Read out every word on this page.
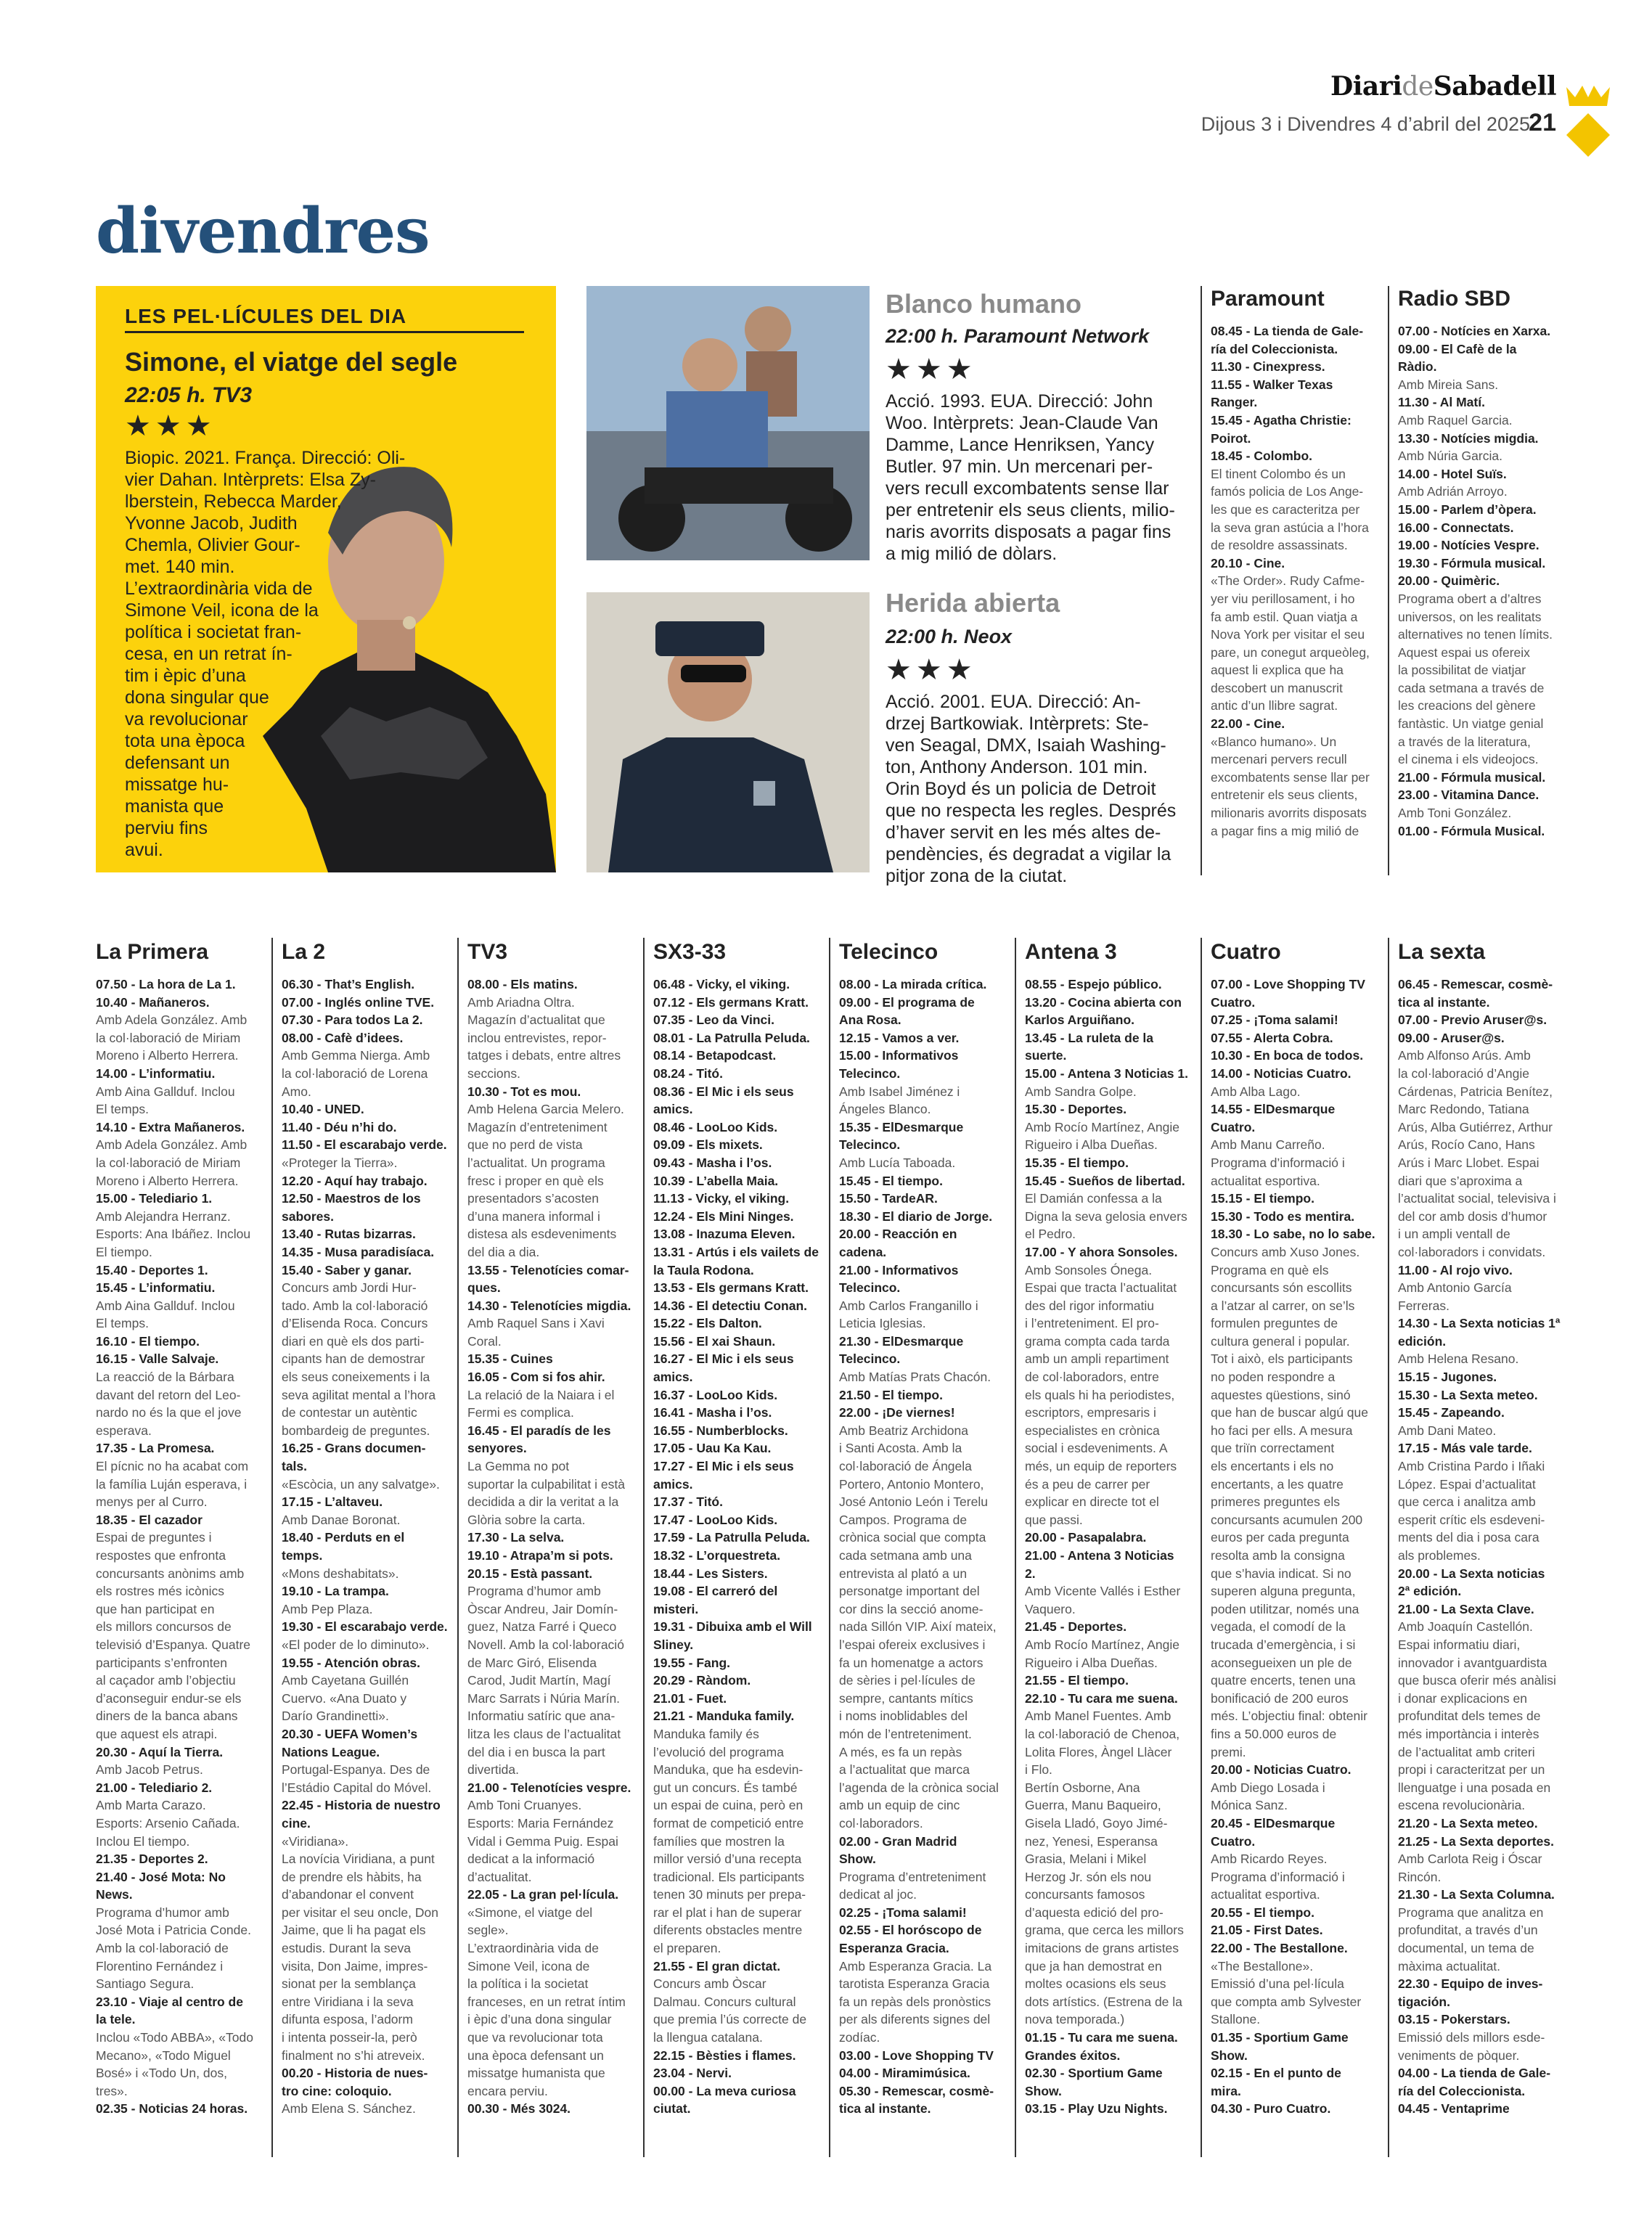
DiarideSabadell
Dijous 3 i Divendres 4 d’abril del 2025
21
divendres
LES PEL·LÍCULES DEL DIA
Simone, el viatge del segle
22:05 h. TV3
★★★
Biopic. 2021. França. Direcció: Oli-
vier Dahan. Intèrprets: Elsa Zy-
lberstein, Rebecca Marder,
Yvonne Jacob, Judith
Chemla, Olivier Gour-
met. 140 min.
L’extraordinària vida de
Simone Veil, icona de la
política i societat fran-
cesa, en un retrat ín-
tim i èpic d’una
dona singular que
va revolucionar
tota una època
defensant un
missatge hu-
manista que
perviu fins
avui.
Blanco humano
22:00 h. Paramount Network
★★★
Acció. 1993. EUA. Direcció: John
Woo. Intèrprets: Jean-Claude Van
Damme, Lance Henriksen, Yancy
Butler. 97 min. Un mercenari per-
vers recull excombatents sense llar
per entretenir els seus clients, milio-
naris avorrits disposats a pagar fins
a mig milió de dòlars.
Herida abierta
22:00 h. Neox
★★★
Acció. 2001. EUA. Direcció: An-
drzej Bartkowiak. Intèrprets: Ste-
ven Seagal, DMX, Isaiah Washing-
ton, Anthony Anderson. 101 min.
Orin Boyd és un policia de Detroit
que no respecta les regles. Després
d’haver servit en les més altes de-
pendències, és degradat a vigilar la
pitjor zona de la ciutat.
Paramount
08.45 - La tienda de Gale-
ría del Coleccionista.
11.30 - Cinexpress.
11.55 - Walker Texas
Ranger.
15.45 - Agatha Christie:
Poirot.
18.45 - Colombo.
El tinent Colombo és un
famós policia de Los Ange-
les que es caracteritza per
la seva gran astúcia a l’hora
de resoldre assassinats.
20.10 - Cine.
«The Order». Rudy Cafme-
yer viu perillosament, i ho
fa amb estil. Quan viatja a
Nova York per visitar el seu
pare, un conegut arqueòleg,
aquest li explica que ha
descobert un manuscrit
antic d’un llibre sagrat.
22.00 - Cine.
«Blanco humano». Un
mercenari pervers recull
excombatents sense llar per
entretenir els seus clients,
milionaris avorrits disposats
a pagar fins a mig milió de
Radio SBD
07.00 - Notícies en Xarxa.
09.00 - El Cafè de la
Ràdio.
Amb Mireia Sans.
11.30 - Al Matí.
Amb Raquel Garcia.
13.30 - Notícies migdia.
Amb Núria Garcia.
14.00 - Hotel Suïs.
Amb Adrián Arroyo.
15.00 - Parlem d’òpera.
16.00 - Connectats.
19.00 - Notícies Vespre.
19.30 - Fórmula musical.
20.00 - Quimèric.
Programa obert a d’altres
universos, on les realitats
alternatives no tenen límits.
Aquest espai us ofereix
la possibilitat de viatjar
cada setmana a través de
les creacions del gènere
fantàstic. Un viatge genial
a través de la literatura,
el cinema i els videojocs.
21.00 - Fórmula musical.
23.00 - Vitamina Dance.
Amb Toni González.
01.00 - Fórmula Musical.
La Primera
07.50 - La hora de La 1.
10.40 - Mañaneros.
Amb Adela González. Amb
la col·laboració de Miriam
Moreno i Alberto Herrera.
14.00 - L’informatiu.
Amb Aina Gallduf. Inclou
El temps.
14.10 - Extra Mañaneros.
Amb Adela González. Amb
la col·laboració de Miriam
Moreno i Alberto Herrera.
15.00 - Telediario 1.
Amb Alejandra Herranz.
Esports: Ana Ibáñez. Inclou
El tiempo.
15.40 - Deportes 1.
15.45 - L’informatiu.
Amb Aina Gallduf. Inclou
El temps.
16.10 - El tiempo.
16.15 - Valle Salvaje.
La reacció de la Bárbara
davant del retorn del Leo-
nardo no és la que el jove
esperava.
17.35 - La Promesa.
El pícnic no ha acabat com
la família Luján esperava, i
menys per al Curro.
18.35 - El cazador
Espai de preguntes i
respostes que enfronta
concursants anònims amb
els rostres més icònics
que han participat en
els millors concursos de
televisió d’Espanya. Quatre
participants s’enfronten
al caçador amb l’objectiu
d’aconseguir endur-se els
diners de la banca abans
que aquest els atrapi.
20.30 - Aquí la Tierra.
Amb Jacob Petrus.
21.00 - Telediario 2.
Amb Marta Carazo.
Esports: Arsenio Cañada.
Inclou El tiempo.
21.35 - Deportes 2.
21.40 - José Mota: No
News.
Programa d’humor amb
José Mota i Patricia Conde.
Amb la col·laboració de
Florentino Fernández i
Santiago Segura.
23.10 - Viaje al centro de
la tele.
Inclou «Todo ABBA», «Todo
Mecano», «Todo Miguel
Bosé» i «Todo Un, dos,
tres».
02.35 - Noticias 24 horas.
La 2
06.30 - That’s English.
07.00 - Inglés online TVE.
07.30 - Para todos La 2.
08.00 - Cafè d’idees.
Amb Gemma Nierga. Amb
la col·laboració de Lorena
Amo.
10.40 - UNED.
11.40 - Déu n’hi do.
11.50 - El escarabajo verde.
«Proteger la Tierra».
12.20 - Aquí hay trabajo.
12.50 - Maestros de los
sabores.
13.40 - Rutas bizarras.
14.35 - Musa paradisíaca.
15.40 - Saber y ganar.
Concurs amb Jordi Hur-
tado. Amb la col·laboració
d’Elisenda Roca. Concurs
diari en què els dos parti-
cipants han de demostrar
els seus coneixements i la
seva agilitat mental a l’hora
de contestar un autèntic
bombardeig de preguntes.
16.25 - Grans documen-
tals.
«Escòcia, un any salvatge».
17.15 - L’altaveu.
Amb Danae Boronat.
18.40 - Perduts en el
temps.
«Mons deshabitats».
19.10 - La trampa.
Amb Pep Plaza.
19.30 - El escarabajo verde.
«El poder de lo diminuto».
19.55 - Atención obras.
Amb Cayetana Guillén
Cuervo. «Ana Duato y
Darío Grandinetti».
20.30 - UEFA Women’s
Nations League.
Portugal-Espanya. Des de
l’Estádio Capital do Móvel.
22.45 - Historia de nuestro
cine.
«Viridiana».
La novícia Viridiana, a punt
de prendre els hàbits, ha
d’abandonar el convent
per visitar el seu oncle, Don
Jaime, que li ha pagat els
estudis. Durant la seva
visita, Don Jaime, impres-
sionat per la semblança
entre Viridiana i la seva
difunta esposa, l’adorm
i intenta posseir-la, però
finalment no s’hi atreveix.
00.20 - Historia de nues-
tro cine: coloquio.
Amb Elena S. Sánchez.
TV3
08.00 - Els matins.
Amb Ariadna Oltra.
Magazín d’actualitat que
inclou entrevistes, repor-
tatges i debats, entre altres
seccions.
10.30 - Tot es mou.
Amb Helena Garcia Melero.
Magazín d’entreteniment
que no perd de vista
l’actualitat. Un programa
fresc i proper en què els
presentadors s’acosten
d’una manera informal i
distesa als esdeveniments
del dia a dia.
13.55 - Telenotícies comar-
ques.
14.30 - Telenotícies migdia.
Amb Raquel Sans i Xavi
Coral.
15.35 - Cuines
16.05 - Com si fos ahir.
La relació de la Naiara i el
Fermi es complica.
16.45 - El paradís de les
senyores.
La Gemma no pot
suportar la culpabilitat i està
decidida a dir la veritat a la
Glòria sobre la carta.
17.30 - La selva.
19.10 - Atrapa’m si pots.
20.15 - Està passant.
Programa d’humor amb
Òscar Andreu, Jair Domín-
guez, Natza Farré i Queco
Novell. Amb la col·laboració
de Marc Giró, Elisenda
Carod, Judit Martín, Magí
Marc Sarrats i Núria Marín.
Informatiu satíric que ana-
litza les claus de l’actualitat
del dia i en busca la part
divertida.
21.00 - Telenotícies vespre.
Amb Toni Cruanyes.
Esports: Maria Fernández
Vidal i Gemma Puig. Espai
dedicat a la informació
d’actualitat.
22.05 - La gran pel·lícula.
«Simone, el viatge del
segle».
L’extraordinària vida de
Simone Veil, icona de
la política i la societat
franceses, en un retrat íntim
i èpic d’una dona singular
que va revolucionar tota
una època defensant un
missatge humanista que
encara perviu.
00.30 - Més 3024.
SX3-33
06.48 - Vicky, el viking.
07.12 - Els germans Kratt.
07.35 - Leo da Vinci.
08.01 - La Patrulla Peluda.
08.14 - Betapodcast.
08.24 - Titó.
08.36 - El Mic i els seus
amics.
08.46 - LooLoo Kids.
09.09 - Els mixets.
09.43 - Masha i l’os.
10.39 - L’abella Maia.
11.13 - Vicky, el viking.
12.24 - Els Mini Ninges.
13.08 - Inazuma Eleven.
13.31 - Artús i els vailets de
la Taula Rodona.
13.53 - Els germans Kratt.
14.36 - El detectiu Conan.
15.22 - Els Dalton.
15.56 - El xai Shaun.
16.27 - El Mic i els seus
amics.
16.37 - LooLoo Kids.
16.41 - Masha i l’os.
16.55 - Numberblocks.
17.05 - Uau Ka Kau.
17.27 - El Mic i els seus
amics.
17.37 - Titó.
17.47 - LooLoo Kids.
17.59 - La Patrulla Peluda.
18.32 - L’orquestreta.
18.44 - Les Sisters.
19.08 - El carreró del
misteri.
19.31 - Dibuixa amb el Will
Sliney.
19.55 - Fang.
20.29 - Ràndom.
21.01 - Fuet.
21.21 - Manduka family.
Manduka family és
l’evolució del programa
Manduka, que ha esdevin-
gut un concurs. És també
un espai de cuina, però en
format de competició entre
famílies que mostren la
millor versió d’una recepta
tradicional. Els participants
tenen 30 minuts per prepa-
rar el plat i han de superar
diferents obstacles mentre
el preparen.
21.55 - El gran dictat.
Concurs amb Òscar
Dalmau. Concurs cultural
que premia l’ús correcte de
la llengua catalana.
22.15 - Bèsties i flames.
23.04 - Nervi.
00.00 - La meva curiosa
ciutat.
Telecinco
08.00 - La mirada crítica.
09.00 - El programa de
Ana Rosa.
12.15 - Vamos a ver.
15.00 - Informativos
Telecinco.
Amb Isabel Jiménez i
Ángeles Blanco.
15.35 - ElDesmarque
Telecinco.
Amb Lucía Taboada.
15.45 - El tiempo.
15.50 - TardeAR.
18.30 - El diario de Jorge.
20.00 - Reacción en
cadena.
21.00 - Informativos
Telecinco.
Amb Carlos Franganillo i
Leticia Iglesias.
21.30 - ElDesmarque
Telecinco.
Amb Matías Prats Chacón.
21.50 - El tiempo.
22.00 - ¡De viernes!
Amb Beatriz Archidona
i Santi Acosta. Amb la
col·laboració de Ángela
Portero, Antonio Montero,
José Antonio León i Terelu
Campos. Programa de
crònica social que compta
cada setmana amb una
entrevista al plató a un
personatge important del
cor dins la secció anome-
nada Sillón VIP. Així mateix,
l’espai ofereix exclusives i
fa un homenatge a actors
de sèries i pel·lícules de
sempre, cantants mítics
i noms inoblidables del
món de l’entreteniment.
A més, es fa un repàs
a l’actualitat que marca
l’agenda de la crònica social
amb un equip de cinc
col·laboradors.
02.00 - Gran Madrid
Show.
Programa d’entreteniment
dedicat al joc.
02.25 - ¡Toma salami!
02.55 - El horóscopo de
Esperanza Gracia.
Amb Esperanza Gracia. La
tarotista Esperanza Gracia
fa un repàs dels pronòstics
per als diferents signes del
zodíac.
03.00 - Love Shopping TV
04.00 - Miramimúsica.
05.30 - Remescar, cosmè-
tica al instante.
Antena 3
08.55 - Espejo público.
13.20 - Cocina abierta con
Karlos Arguiñano.
13.45 - La ruleta de la
suerte.
15.00 - Antena 3 Noticias 1.
Amb Sandra Golpe.
15.30 - Deportes.
Amb Rocío Martínez, Angie
Rigueiro i Alba Dueñas.
15.35 - El tiempo.
15.45 - Sueños de libertad.
El Damián confessa a la
Digna la seva gelosia envers
el Pedro.
17.00 - Y ahora Sonsoles.
Amb Sonsoles Ónega.
Espai que tracta l’actualitat
des del rigor informatiu
i l’entreteniment. El pro-
grama compta cada tarda
amb un ampli repartiment
de col·laboradors, entre
els quals hi ha periodistes,
escriptors, empresaris i
especialistes en crònica
social i esdeveniments. A
més, un equip de reporters
és a peu de carrer per
explicar en directe tot el
que passi.
20.00 - Pasapalabra.
21.00 - Antena 3 Noticias
2.
Amb Vicente Vallés i Esther
Vaquero.
21.45 - Deportes.
Amb Rocío Martínez, Angie
Rigueiro i Alba Dueñas.
21.55 - El tiempo.
22.10 - Tu cara me suena.
Amb Manel Fuentes. Amb
la col·laboració de Chenoa,
Lolita Flores, Àngel Llàcer
i Flo.
Bertín Osborne, Ana
Guerra, Manu Baqueiro,
Gisela Lladó, Goyo Jimé-
nez, Yenesi, Esperansa
Grasia, Melani i Mikel
Herzog Jr. són els nou
concursants famosos
d’aquesta edició del pro-
grama, que cerca les millors
imitacions de grans artistes
que ja han demostrat en
moltes ocasions els seus
dots artístics. (Estrena de la
nova temporada.)
01.15 - Tu cara me suena.
Grandes éxitos.
02.30 - Sportium Game
Show.
03.15 - Play Uzu Nights.
Cuatro
07.00 - Love Shopping TV
Cuatro.
07.25 - ¡Toma salami!
07.55 - Alerta Cobra.
10.30 - En boca de todos.
14.00 - Noticias Cuatro.
Amb Alba Lago.
14.55 - ElDesmarque
Cuatro.
Amb Manu Carreño.
Programa d’informació i
actualitat esportiva.
15.15 - El tiempo.
15.30 - Todo es mentira.
18.30 - Lo sabe, no lo sabe.
Concurs amb Xuso Jones.
Programa en què els
concursants són escollits
a l’atzar al carrer, on se’ls
formulen preguntes de
cultura general i popular.
Tot i això, els participants
no poden respondre a
aquestes qüestions, sinó
que han de buscar algú que
ho faci per ells. A mesura
que triïn correctament
els encertants i els no
encertants, a les quatre
primeres preguntes els
concursants acumulen 200
euros per cada pregunta
resolta amb la consigna
que s’havia indicat. Si no
superen alguna pregunta,
poden utilitzar, només una
vegada, el comodí de la
trucada d’emergència, i si
aconsegueixen un ple de
quatre encerts, tenen una
bonificació de 200 euros
més. L’objectiu final: obtenir
fins a 50.000 euros de
premi.
20.00 - Noticias Cuatro.
Amb Diego Losada i
Mónica Sanz.
20.45 - ElDesmarque
Cuatro.
Amb Ricardo Reyes.
Programa d’informació i
actualitat esportiva.
20.55 - El tiempo.
21.05 - First Dates.
22.00 - The Bestallone.
«The Bestallone».
Emissió d’una pel·lícula
que compta amb Sylvester
Stallone.
01.35 - Sportium Game
Show.
02.15 - En el punto de
mira.
04.30 - Puro Cuatro.
La sexta
06.45 - Remescar, cosmè-
tica al instante.
07.00 - Previo Aruser@s.
09.00 - Aruser@s.
Amb Alfonso Arús. Amb
la col·laboració d’Angie
Cárdenas, Patricia Benítez,
Marc Redondo, Tatiana
Arús, Alba Gutiérrez, Arthur
Arús, Rocío Cano, Hans
Arús i Marc Llobet. Espai
diari que s’aproxima a
l’actualitat social, televisiva i
del cor amb dosis d’humor
i un ampli ventall de
col·laboradors i convidats.
11.00 - Al rojo vivo.
Amb Antonio García
Ferreras.
14.30 - La Sexta noticias 1ª
edición.
Amb Helena Resano.
15.15 - Jugones.
15.30 - La Sexta meteo.
15.45 - Zapeando.
Amb Dani Mateo.
17.15 - Más vale tarde.
Amb Cristina Pardo i Iñaki
López. Espai d’actualitat
que cerca i analitza amb
esperit crític els esdeveni-
ments del dia i posa cara
als problemes.
20.00 - La Sexta noticias
2ª edición.
21.00 - La Sexta Clave.
Amb Joaquín Castellón.
Espai informatiu diari,
innovador i avantguardista
que busca oferir més anàlisi
i donar explicacions en
profunditat dels temes de
més importància i interès
de l’actualitat amb criteri
propi i caracteritzat per un
llenguatge i una posada en
escena revolucionària.
21.20 - La Sexta meteo.
21.25 - La Sexta deportes.
Amb Carlota Reig i Óscar
Rincón.
21.30 - La Sexta Columna.
Programa que analitza en
profunditat, a través d’un
documental, un tema de
màxima actualitat.
22.30 - Equipo de inves-
tigación.
03.15 - Pokerstars.
Emissió dels millors esde-
veniments de pòquer.
04.00 - La tienda de Gale-
ría del Coleccionista.
04.45 - Ventaprime
